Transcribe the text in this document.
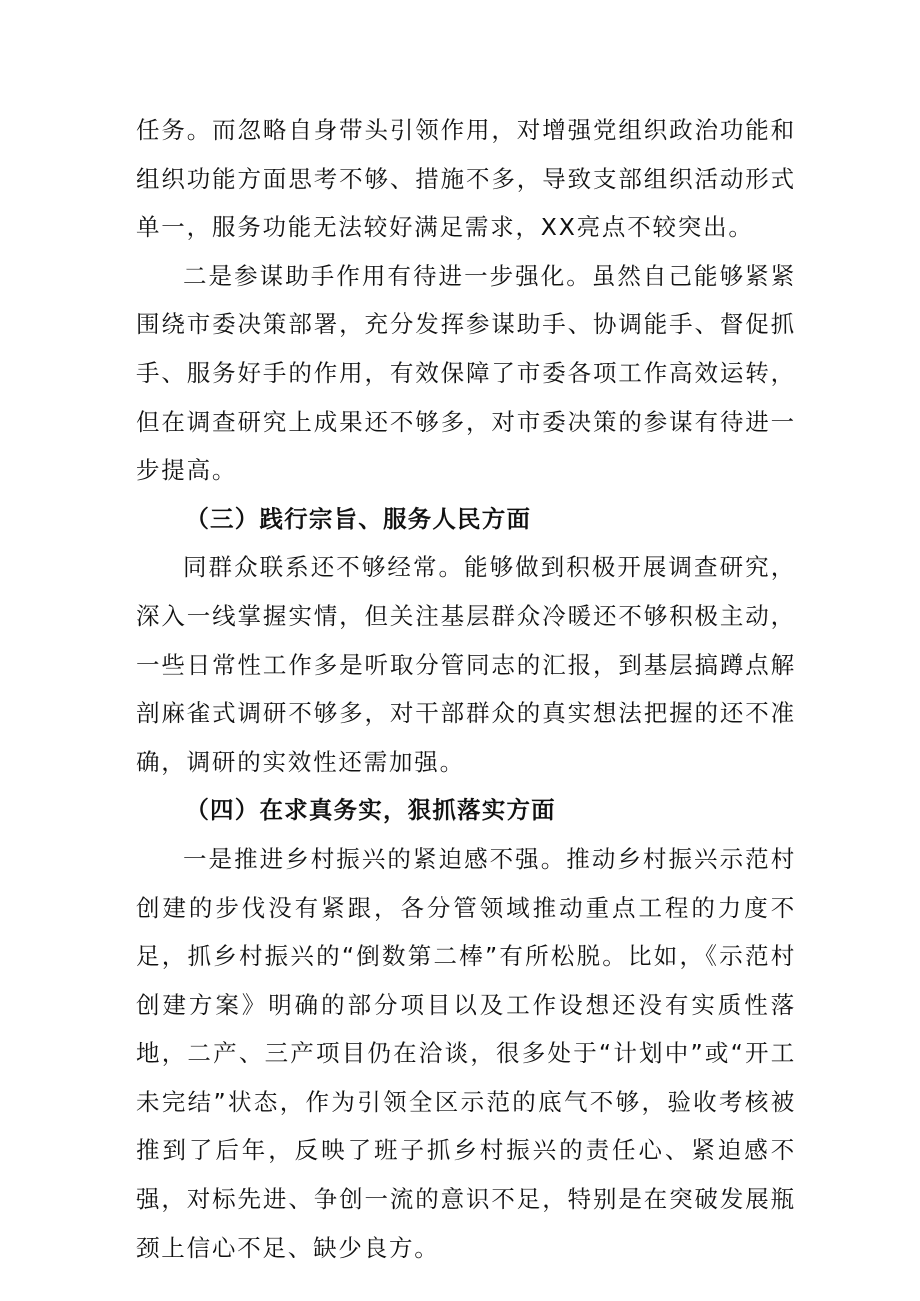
任务。而忽略自身带头引领作用，对增强党组织政治功能和组织功能方面思考不够、措施不多，导致支部组织活动形式单一，服务功能无法较好满足需求，XX亮点不较突出。

二是参谋助手作用有待进一步强化。虽然自己能够紧紧围绕市委决策部署，充分发挥参谋助手、协调能手、督促抓手、服务好手的作用，有效保障了市委各项工作高效运转，但在调查研究上成果还不够多，对市委决策的参谋有待进一步提高。

（三）践行宗旨、服务人民方面

同群众联系还不够经常。能够做到积极开展调查研究，深入一线掌握实情，但关注基层群众冷暖还不够积极主动，一些日常性工作多是听取分管同志的汇报，到基层搞蹲点解剖麻雀式调研不够多，对干部群众的真实想法把握的还不准确，调研的实效性还需加强。

（四）在求真务实，狠抓落实方面

一是推进乡村振兴的紧迫感不强。推动乡村振兴示范村创建的步伐没有紧跟，各分管领域推动重点工程的力度不足，抓乡村振兴的“倒数第二棒”有所松脱。比如，《示范村创建方案》明确的部分项目以及工作设想还没有实质性落地，二产、三产项目仍在洽谈，很多处于“计划中”或“开工未完结”状态，作为引领全区示范的底气不够，验收考核被推到了后年，反映了班子抓乡村振兴的责任心、紧迫感不强，对标先进、争创一流的意识不足，特别是在突破发展瓶颈上信心不足、缺少良方。
